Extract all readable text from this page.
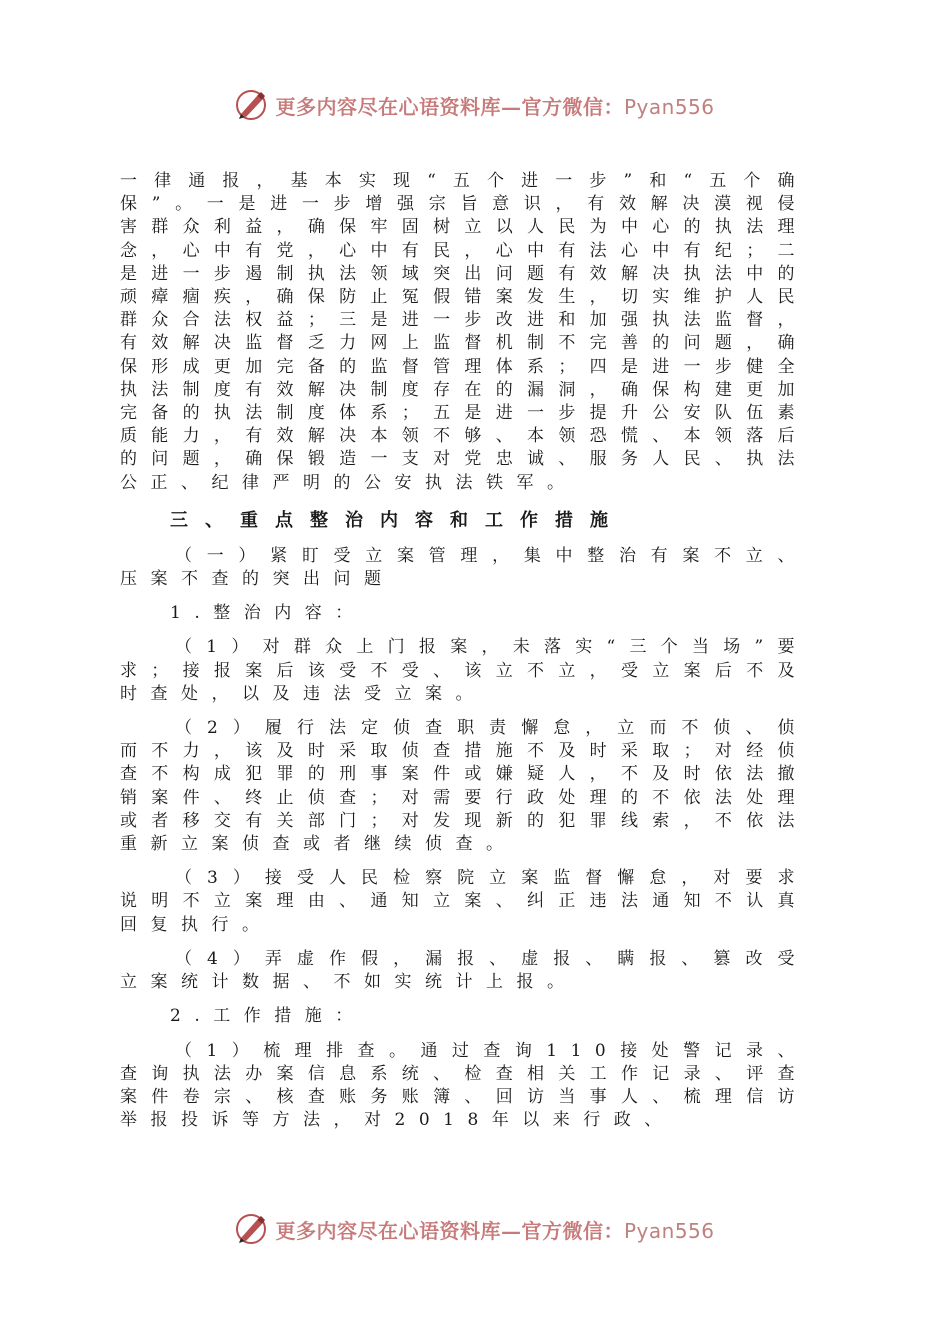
更多内容尽在心语资料库—官方微信：Pyan556

一律通报，基本实现“五个进一步”和“五个确保”。一是进一步增强宗旨意识，有效解决漠视侵害群众利益，确保牢固树立以人民为中心的执法理念，心中有党，心中有民，心中有法心中有纪；二是进一步遏制执法领域突出问题有效解决执法中的顽瘴痼疾，确保防止冤假错案发生，切实维护人民群众合法权益；三是进一步改进和加强执法监督，有效解决监督乏力网上监督机制不完善的问题，确保形成更加完备的监督管理体系；四是进一步健全执法制度有效解决制度存在的漏洞，确保构建更加完备的执法制度体系；五是进一步提升公安队伍素质能力，有效解决本领不够、本领恐慌、本领落后的问题，确保锻造一支对党忠诚、服务人民、执法公正、纪律严明的公安执法铁军。

三、重点整治内容和工作措施

（一）紧盯受立案管理，集中整治有案不立、压案不查的突出问题

1.整治内容：

（1）对群众上门报案，未落实“三个当场”要求；接报案后该受不受、该立不立，受立案后不及时查处，以及违法受立案。

（2）履行法定侦查职责懈怠，立而不侦、侦而不力，该及时采取侦查措施不及时采取；对经侦查不构成犯罪的刑事案件或嫌疑人，不及时依法撤销案件、终止侦查；对需要行政处理的不依法处理或者移交有关部门；对发现新的犯罪线索，不依法重新立案侦查或者继续侦查。

（3）接受人民检察院立案监督懈怠，对要求说明不立案理由、通知立案、纠正违法通知不认真回复执行。

（4）弄虚作假，漏报、虚报、瞒报、篡改受立案统计数据、不如实统计上报。

2.工作措施：

（1）梳理排查。通过查询110接处警记录、查询执法办案信息系统、检查相关工作记录、评查案件卷宗、核查账务账簿、回访当事人、梳理信访举报投诉等方法，对2018年以来行政、

更多内容尽在心语资料库—官方微信：Pyan556
